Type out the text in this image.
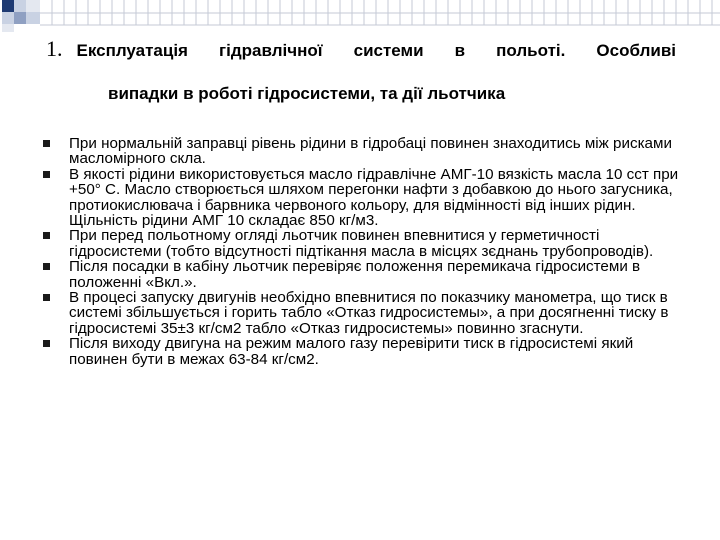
1. Експлуатація гідравлічної системи в польоті. Особливі
випадки в роботі гідросистеми, та дії льотчика
При нормальній заправці рівень рідини в гідробаці повинен знаходитись між рисками масломірного скла.
В якості рідини використовується масло гідравлічне АМГ-10 вязкість масла 10 сст при +50° С. Масло створюється шляхом перегонки нафти з добавкою до нього загусника, протиокислювача і барвника червоного кольору, для відмінності від інших рідин. Щільність рідини АМГ 10 складає 850 кг/м3.
При перед польотному огляді льотчик повинен впевнитися у герметичності гідросистеми (тобто відсутності підтікання масла в місцях зєднань трубопроводів).
Після посадки в кабіну льотчик перевіряє положення перемикача гідросистеми в положенні «Вкл.».
В процесі запуску двигунів необхідно впевнитися по показчику манометра, що тиск в системі збільшується і горить табло «Отказ гидросистемы», а при досягненні тиску в гідросистемі 35±3 кг/см2 табло «Отказ гидросистемы» повинно згаснути.
Після виходу двигуна на режим малого газу перевірити тиск в гідросистемі який повинен бути в межах 63-84 кг/см2.
